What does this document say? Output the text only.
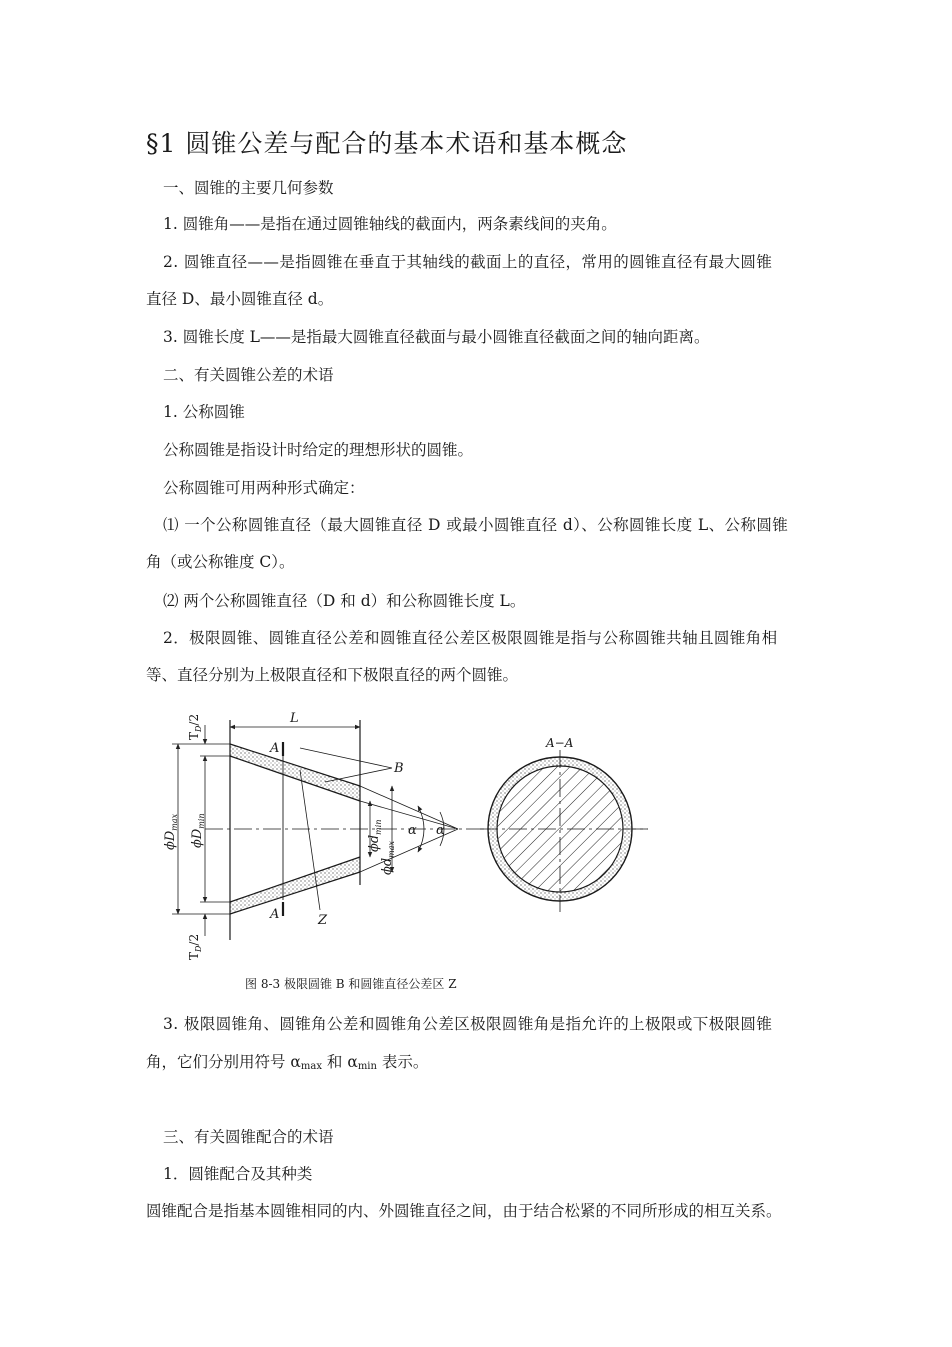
§1 圆锥公差与配合的基本术语和基本概念
一、圆锥的主要几何参数
1. 圆锥角——是指在通过圆锥轴线的截面内，两条素线间的夹角。
2. 圆锥直径——是指圆锥在垂直于其轴线的截面上的直径，常用的圆锥直径有最大圆锥
直径 D、最小圆锥直径 d。
3. 圆锥长度 L——是指最大圆锥直径截面与最小圆锥直径截面之间的轴向距离。
二、有关圆锥公差的术语
1. 公称圆锥
公称圆锥是指设计时给定的理想形状的圆锥。
公称圆锥可用两种形式确定：
⑴ 一个公称圆锥直径（最大圆锥直径 D 或最小圆锥直径 d）、公称圆锥长度 L、公称圆锥
角（或公称锥度 C）。
⑵ 两个公称圆锥直径（D 和 d）和公称圆锥长度 L。
2．极限圆锥、圆锥直径公差和圆锥直径公差区极限圆锥是指与公称圆锥共轴且圆锥角相
等、直径分别为上极限直径和下极限直径的两个圆锥。
L
A
A
B
Z
A−A
α α
$T_D/2$
$T_D/2$
$\phi D_{max}$
$\phi D_{min}$
$\phi d_{min}$
$\phi d_{max}$
图 8-3 极限圆锥 B 和圆锥直径公差区 Z
3. 极限圆锥角、圆锥角公差和圆锥角公差区极限圆锥角是指允许的上极限或下极限圆锥
角，它们分别用符号 $\alpha_{max}$ 和 $\alpha_{min}$ 表示。
三、有关圆锥配合的术语
1．圆锥配合及其种类
圆锥配合是指基本圆锥相同的内、外圆锥直径之间，由于结合松紧的不同所形成的相互关系。
